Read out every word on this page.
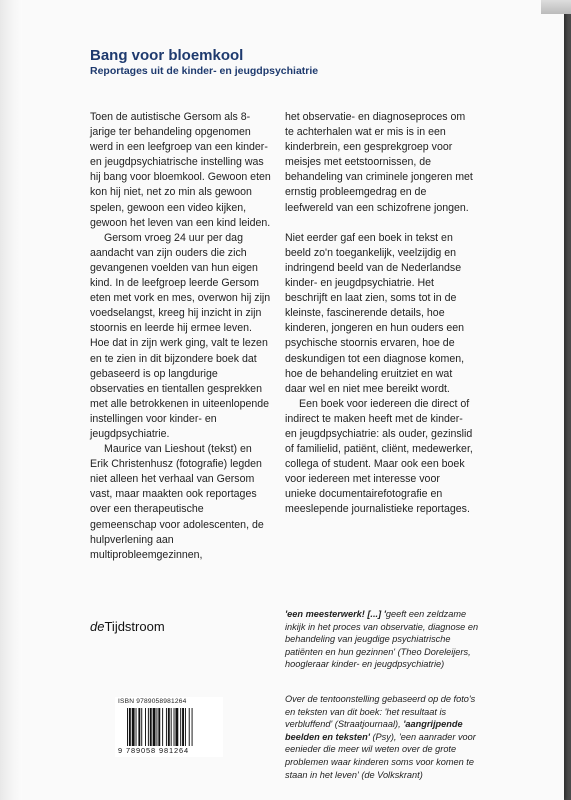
Bang voor bloemkool
Reportages uit de kinder- en jeugdpsychiatrie

Toen de autistische Gersom als 8-jarige ter behandeling opgenomen werd in een leefgroep van een kinder- en jeugdpsychiatrische instelling was hij bang voor bloemkool. Gewoon eten kon hij niet, net zo min als gewoon spelen, gewoon een video kijken, gewoon het leven van een kind leiden.

Gersom vroeg 24 uur per dag aandacht van zijn ouders die zich gevangenen voelden van hun eigen kind. In de leefgroep leerde Gersom eten met vork en mes, overwon hij zijn voedselangst, kreeg hij inzicht in zijn stoornis en leerde hij ermee leven. Hoe dat in zijn werk ging, valt te lezen en te zien in dit bijzondere boek dat gebaseerd is op langdurige observaties en tientallen gesprekken met alle betrokkenen in uiteenlopende instellingen voor kinder- en jeugdpsychiatrie.

Maurice van Lieshout (tekst) en Erik Christenhusz (fotografie) legden niet alleen het verhaal van Gersom vast, maar maakten ook reportages over een therapeutische gemeenschap voor adolescenten, de hulpverlening aan multiprobleemgezinnen,

het observatie- en diagnoseproces om te achterhalen wat er mis is in een kinderbrein, een gesprekgroep voor meisjes met eetstoornissen, de behandeling van criminele jongeren met ernstig probleemgedrag en de leefwereld van een schizofrene jongen.

Niet eerder gaf een boek in tekst en beeld zo'n toegankelijk, veelzijdig en indringend beeld van de Nederlandse kinder- en jeugdpsychiatrie. Het beschrijft en laat zien, soms tot in de kleinste, fascinerende details, hoe kinderen, jongeren en hun ouders een psychische stoornis ervaren, hoe de deskundigen tot een diagnose komen, hoe de behandeling eruitziet en wat daar wel en niet mee bereikt wordt.

Een boek voor iedereen die direct of indirect te maken heeft met de kinder- en jeugdpsychiatrie: als ouder, gezinslid of familielid, patiënt, cliënt, medewerker, collega of student. Maar ook een boek voor iedereen met interesse voor unieke documentairefotografie en meeslepende journalistieke reportages.

deTijdstroom

'een meesterwerk! [...] 'geeft een zeldzame inkijk in het proces van observatie, diagnose en behandeling van jeugdige psychiatrische patiënten en hun gezinnen' (Theo Doreleijers, hoogleraar kinder- en jeugdpsychiatrie)

Over de tentoonstelling gebaseerd op de foto's en teksten van dit boek: 'het resultaat is verbluffend' (Straatjournaal), 'aangrijpende beelden en teksten' (Psy), 'een aanrader voor eenieder die meer wil weten over de grote problemen waar kinderen soms voor komen te staan in het leven' (de Volkskrant)

ISBN 9789058981264
9 789058 981264
